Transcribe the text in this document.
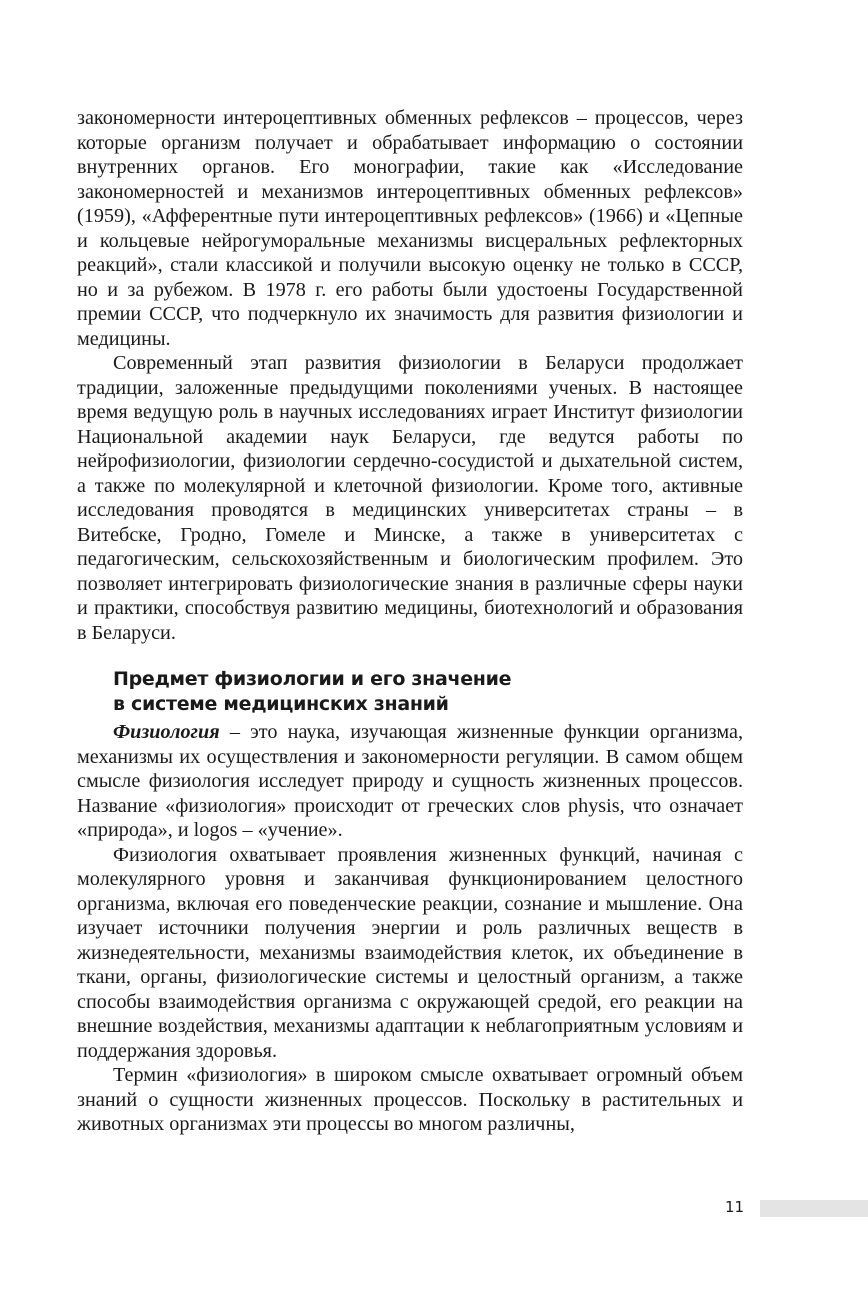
закономерности интероцептивных обменных рефлексов – процессов, через которые организм получает и обрабатывает информацию о состоянии внутренних органов. Его монографии, такие как «Исследование закономерностей и механизмов интероцептивных обменных рефлексов» (1959), «Афферентные пути интероцептивных рефлексов» (1966) и «Цепные и кольцевые нейрогуморальные механизмы висцеральных рефлекторных реакций», стали классикой и получили высокую оценку не только в СССР, но и за рубежом. В 1978 г. его работы были удостоены Государственной премии СССР, что подчеркнуло их значимость для развития физиологии и медицины.

Современный этап развития физиологии в Беларуси продолжает традиции, заложенные предыдущими поколениями ученых. В настоящее время ведущую роль в научных исследованиях играет Институт физиологии Национальной академии наук Беларуси, где ведутся работы по нейрофизиологии, физиологии сердечно-сосудистой и дыхательной систем, а также по молекулярной и клеточной физиологии. Кроме того, активные исследования проводятся в медицинских университетах страны – в Витебске, Гродно, Гомеле и Минске, а также в университетах с педагогическим, сельскохозяйственным и биологическим профилем. Это позволяет интегрировать физиологические знания в различные сферы науки и практики, способствуя развитию медицины, биотехнологий и образования в Беларуси.

Предмет физиологии и его значение
в системе медицинских знаний

Физиология – это наука, изучающая жизненные функции организма, механизмы их осуществления и закономерности регуляции. В самом общем смысле физиология исследует природу и сущность жизненных процессов. Название «физиология» происходит от греческих слов physis, что означает «природа», и logos – «учение».

Физиология охватывает проявления жизненных функций, начиная с молекулярного уровня и заканчивая функционированием целостного организма, включая его поведенческие реакции, сознание и мышление. Она изучает источники получения энергии и роль различных веществ в жизнедеятельности, механизмы взаимодействия клеток, их объединение в ткани, органы, физиологические системы и целостный организм, а также способы взаимодействия организма с окружающей средой, его реакции на внешние воздействия, механизмы адаптации к неблагоприятным условиям и поддержания здоровья.

Термин «физиология» в широком смысле охватывает огромный объем знаний о сущности жизненных процессов. Поскольку в растительных и животных организмах эти процессы во многом различны,

11
